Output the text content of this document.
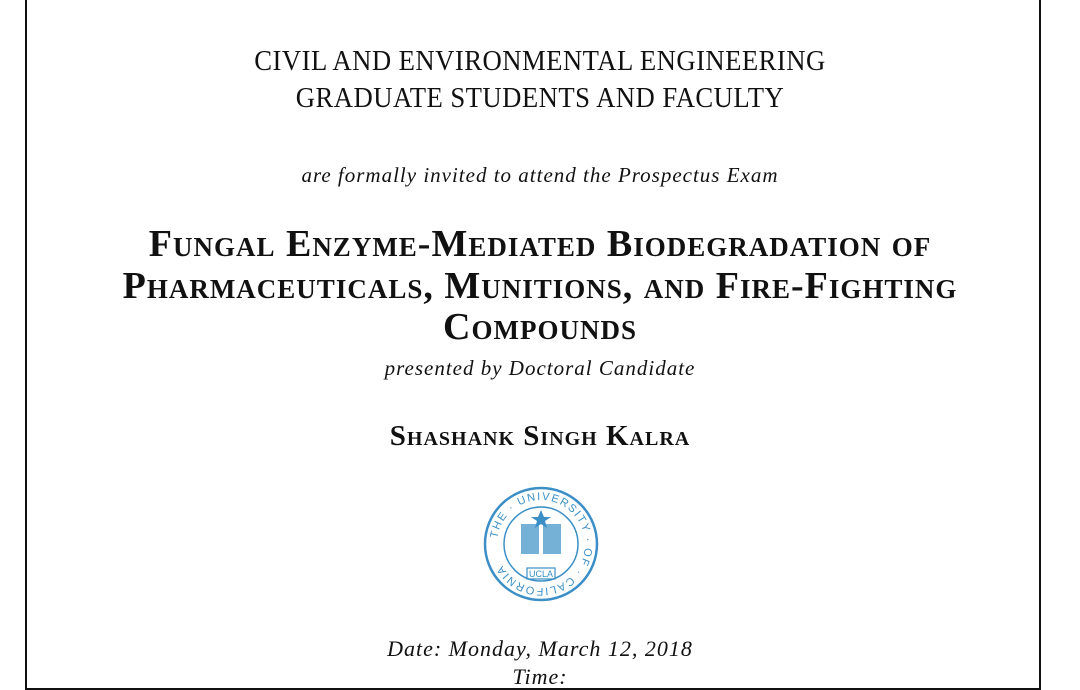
CIVIL AND ENVIRONMENTAL ENGINEERING
GRADUATE STUDENTS AND FACULTY
are formally invited to attend the Prospectus Exam
Fungal Enzyme-Mediated Biodegradation of
Pharmaceuticals, Munitions, and Fire-Fighting
Compounds
presented by Doctoral Candidate
Shashank Singh Kalra
THE · UNIVERSITY · OF · CALIFORNIA	UCLA
Date: Monday, March 12, 2018
Time:
